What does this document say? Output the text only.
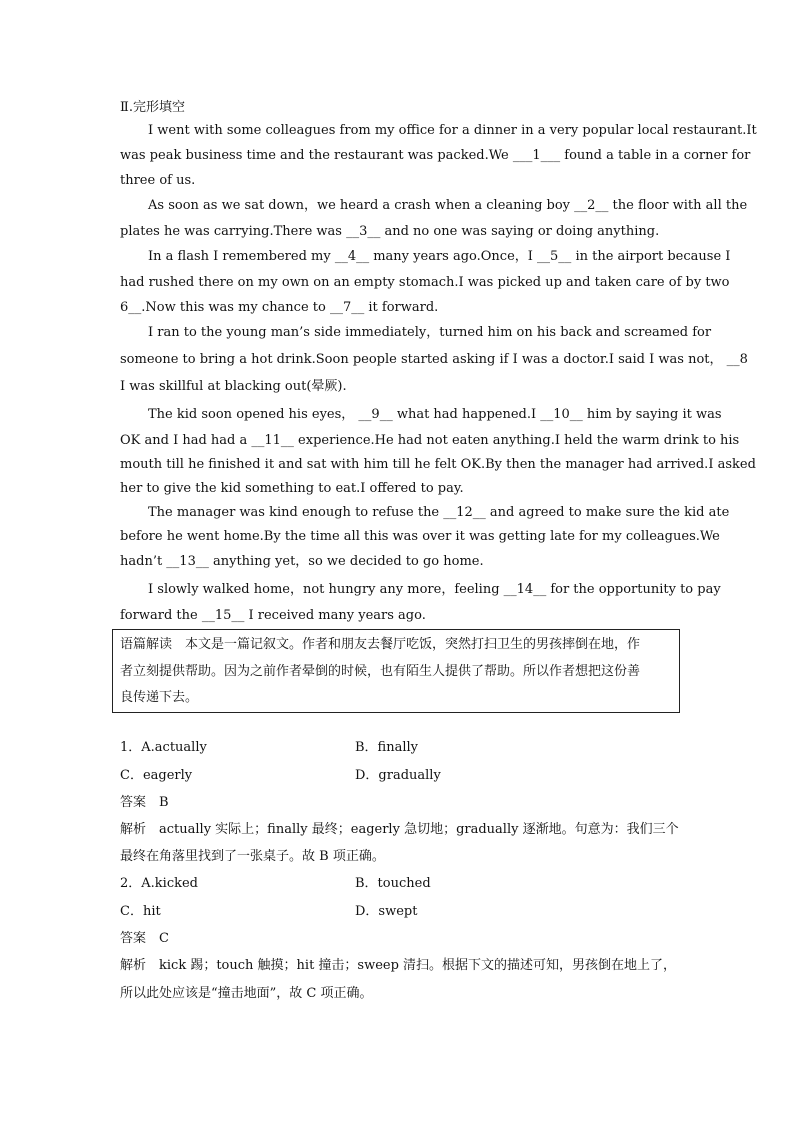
Ⅱ.完形填空
I went with some colleagues from my office for a dinner in a very popular local restaurant.It
was peak business time and the restaurant was packed.We ___1___ found a table in a corner for
three of us.
As soon as we sat down，we heard a crash when a cleaning boy __2__ the floor with all the
plates he was carrying.There was __3__ and no one was saying or doing anything.
In a flash I remembered my __4__ many years ago.Once，I __5__ in the airport because I
had rushed there on my own on an empty stomach.I was picked up and taken care of by two
6__.Now this was my chance to __7__ it forward.
I ran to the young man’s side immediately，turned him on his back and screamed for
someone to bring a hot drink.Soon people started asking if I was a doctor.I said I was not， __8
I was skillful at blacking out(晕厥).
The kid soon opened his eyes， __9__ what had happened.I __10__ him by saying it was
OK and I had had a __11__ experience.He had not eaten anything.I held the warm drink to his
mouth till he finished it and sat with him till he felt OK.By then the manager had arrived.I asked
her to give the kid something to eat.I offered to pay.
The manager was kind enough to refuse the __12__ and agreed to make sure the kid ate
before he went home.By the time all this was over it was getting late for my colleagues.We
hadn’t __13__ anything yet，so we decided to go home.
I slowly walked home，not hungry any more，feeling __14__ for the opportunity to pay
forward the __15__ I received many years ago.
语篇解读　本文是一篇记叙文。作者和朋友去餐厅吃饭，突然打扫卫生的男孩摔倒在地，作
者立刻提供帮助。因为之前作者晕倒的时候，也有陌生人提供了帮助。所以作者想把这份善
良传递下去。
1．A.actually	B．finally
C．eagerly	D．gradually
答案　B
解析　actually 实际上；finally 最终；eagerly 急切地；gradually 逐渐地。句意为：我们三个
最终在角落里找到了一张桌子。故 B 项正确。
2．A.kicked	B．touched
C．hit	D．swept
答案　C
解析　kick 踢；touch 触摸；hit 撞击；sweep 清扫。根据下文的描述可知，男孩倒在地上了，
所以此处应该是“撞击地面”，故 C 项正确。
